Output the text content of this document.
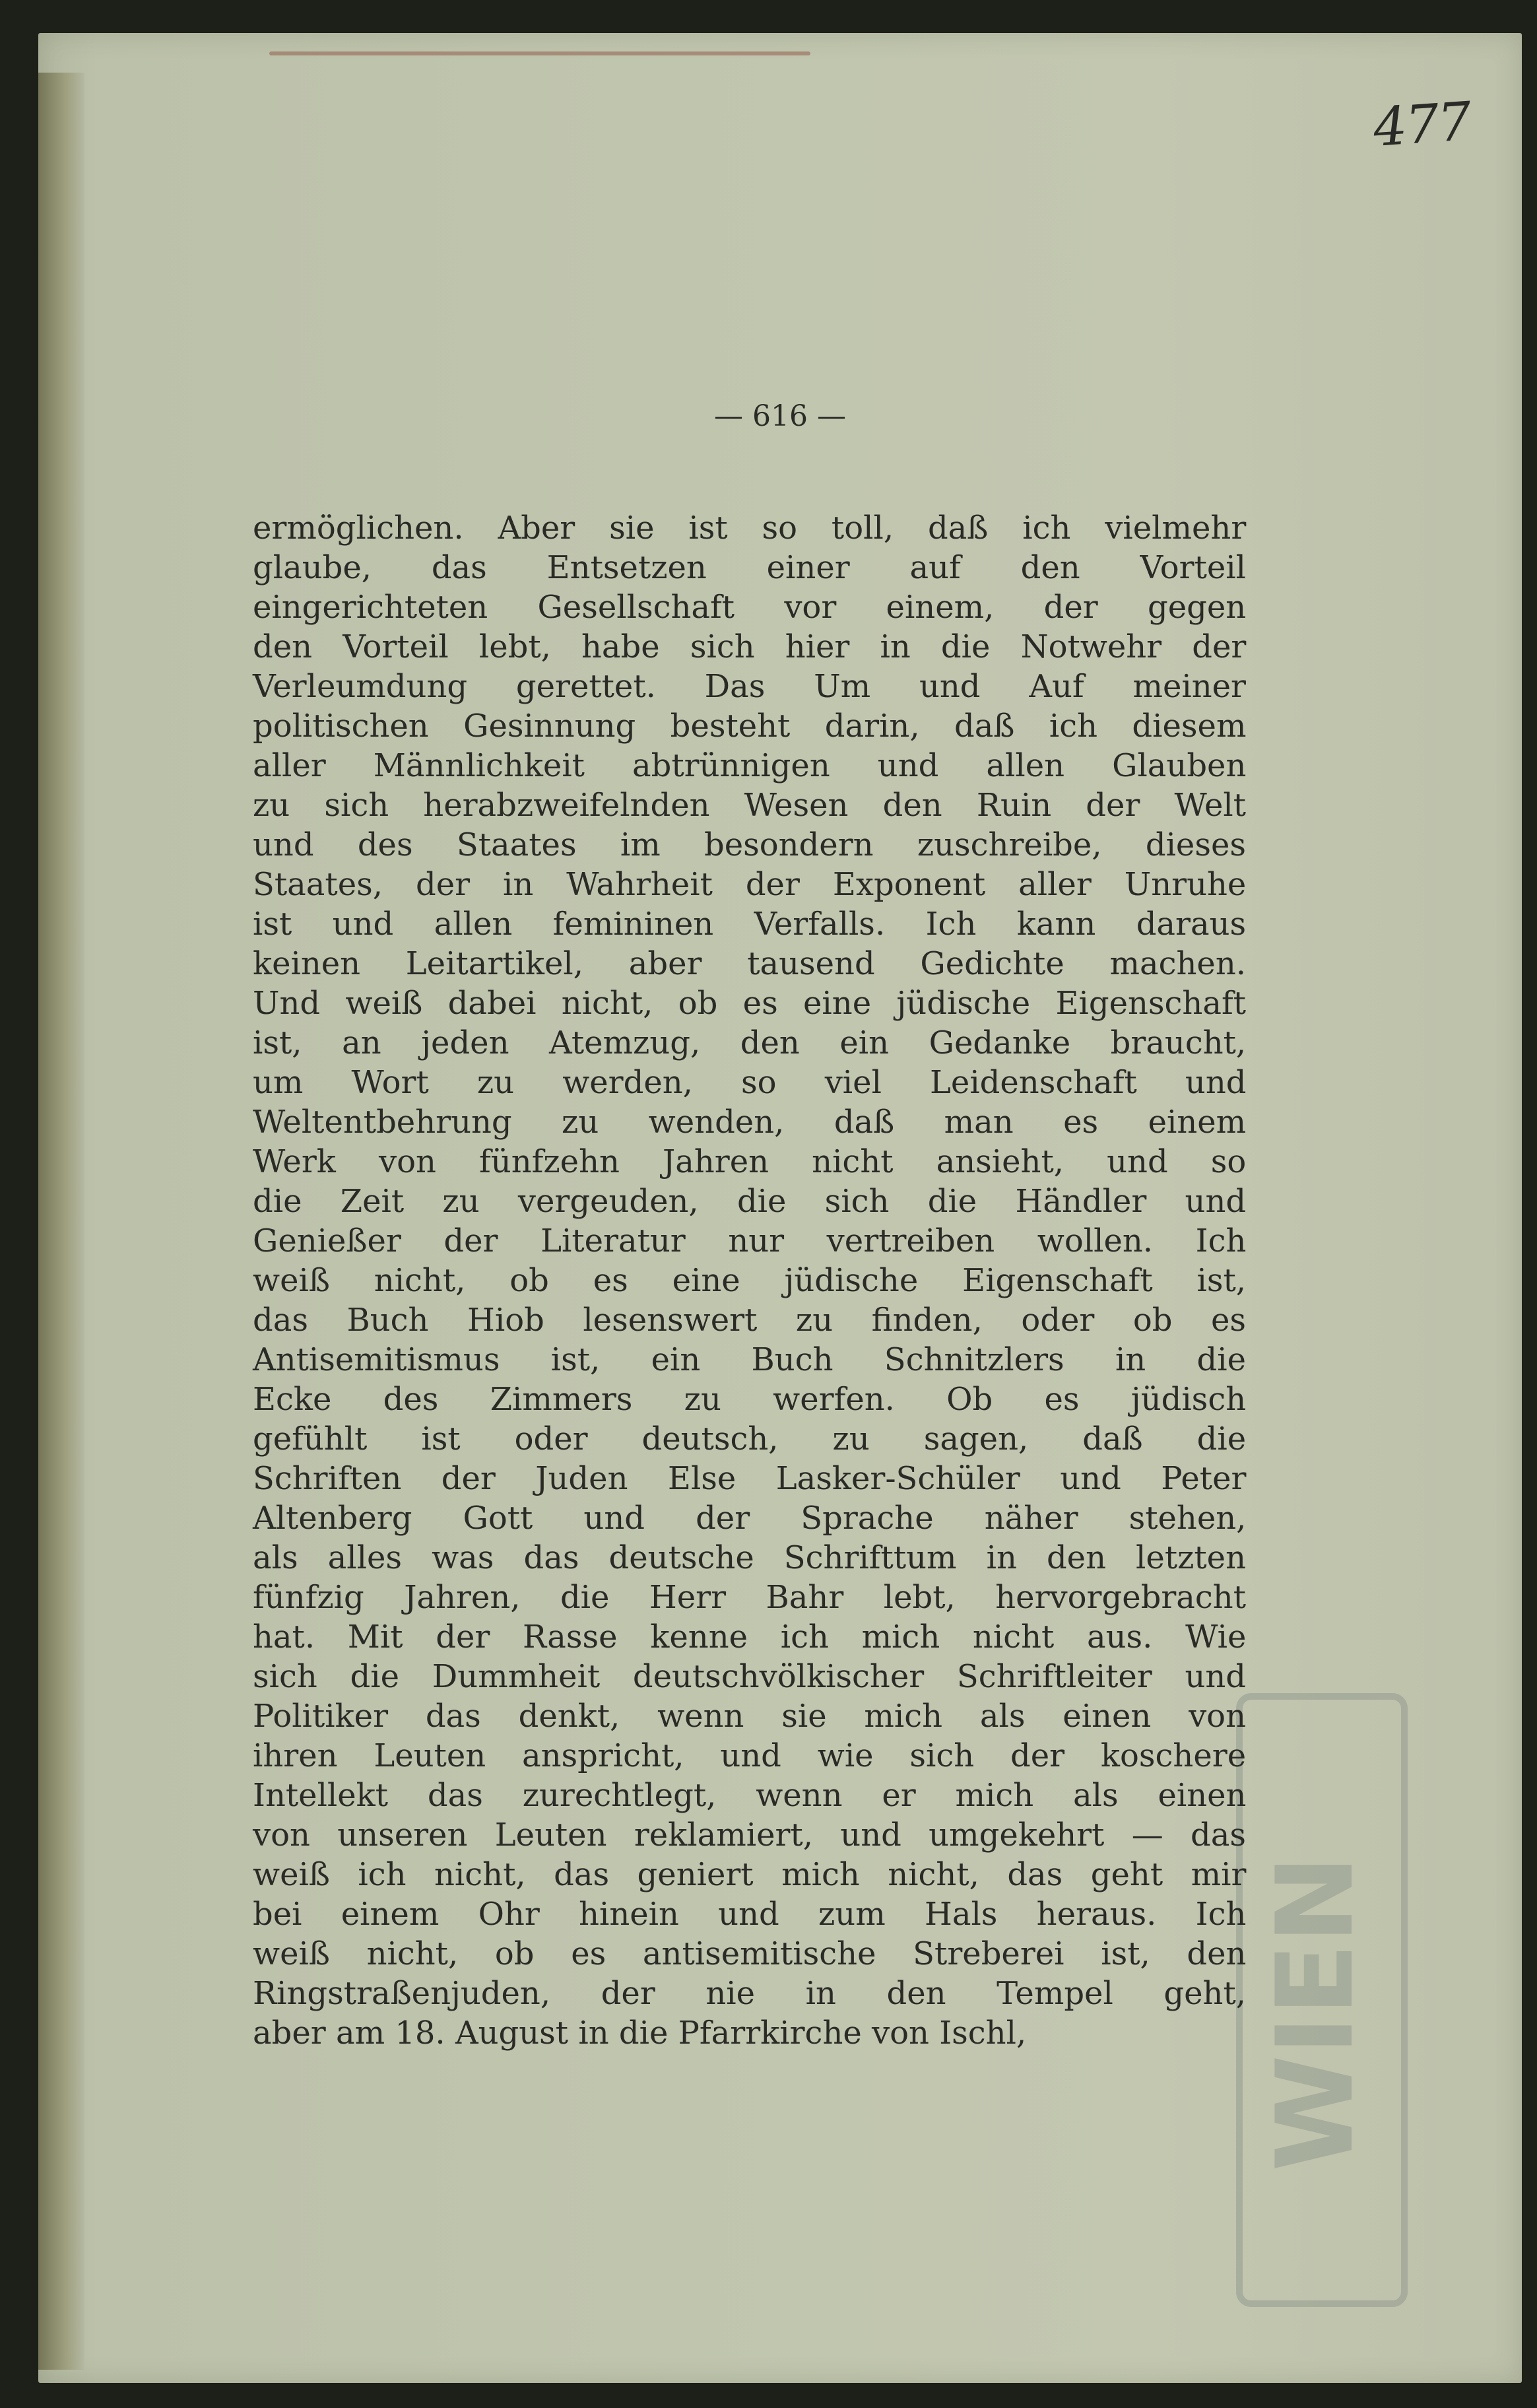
477
WIEN
— 616 —
ermöglichen. Aber sie ist so toll, daß ich vielmehr
glaube, das Entsetzen einer auf den Vorteil
eingerichteten Gesellschaft vor einem, der gegen
den Vorteil lebt, habe sich hier in die Notwehr der
Verleumdung gerettet. Das Um und Auf meiner
politischen Gesinnung besteht darin, daß ich diesem
aller Männlichkeit abtrünnigen und allen Glauben
zu sich herabzweifelnden Wesen den Ruin der Welt
und des Staates im besondern zuschreibe, dieses
Staates, der in Wahrheit der Exponent aller Unruhe
ist und allen femininen Verfalls. Ich kann daraus
keinen Leitartikel, aber tausend Gedichte machen.
Und weiß dabei nicht, ob es eine jüdische Eigenschaft
ist, an jeden Atemzug, den ein Gedanke braucht,
um Wort zu werden, so viel Leidenschaft und
Weltentbehrung zu wenden, daß man es einem
Werk von fünfzehn Jahren nicht ansieht, und so
die Zeit zu vergeuden, die sich die Händler und
Genießer der Literatur nur vertreiben wollen. Ich
weiß nicht, ob es eine jüdische Eigenschaft ist,
das Buch Hiob lesenswert zu finden, oder ob es
Antisemitismus ist, ein Buch Schnitzlers in die
Ecke des Zimmers zu werfen. Ob es jüdisch
gefühlt ist oder deutsch, zu sagen, daß die
Schriften der Juden Else Lasker-Schüler und Peter
Altenberg Gott und der Sprache näher stehen,
als alles was das deutsche Schrifttum in den letzten
fünfzig Jahren, die Herr Bahr lebt, hervorgebracht
hat. Mit der Rasse kenne ich mich nicht aus. Wie
sich die Dummheit deutschvölkischer Schriftleiter und
Politiker das denkt, wenn sie mich als einen von
ihren Leuten anspricht, und wie sich der koschere
Intellekt das zurechtlegt, wenn er mich als einen
von unseren Leuten reklamiert, und umgekehrt — das
weiß ich nicht, das geniert mich nicht, das geht mir
bei einem Ohr hinein und zum Hals heraus. Ich
weiß nicht, ob es antisemitische Streberei ist, den
Ringstraßenjuden, der nie in den Tempel geht,
aber am 18. August in die Pfarrkirche von Ischl,
